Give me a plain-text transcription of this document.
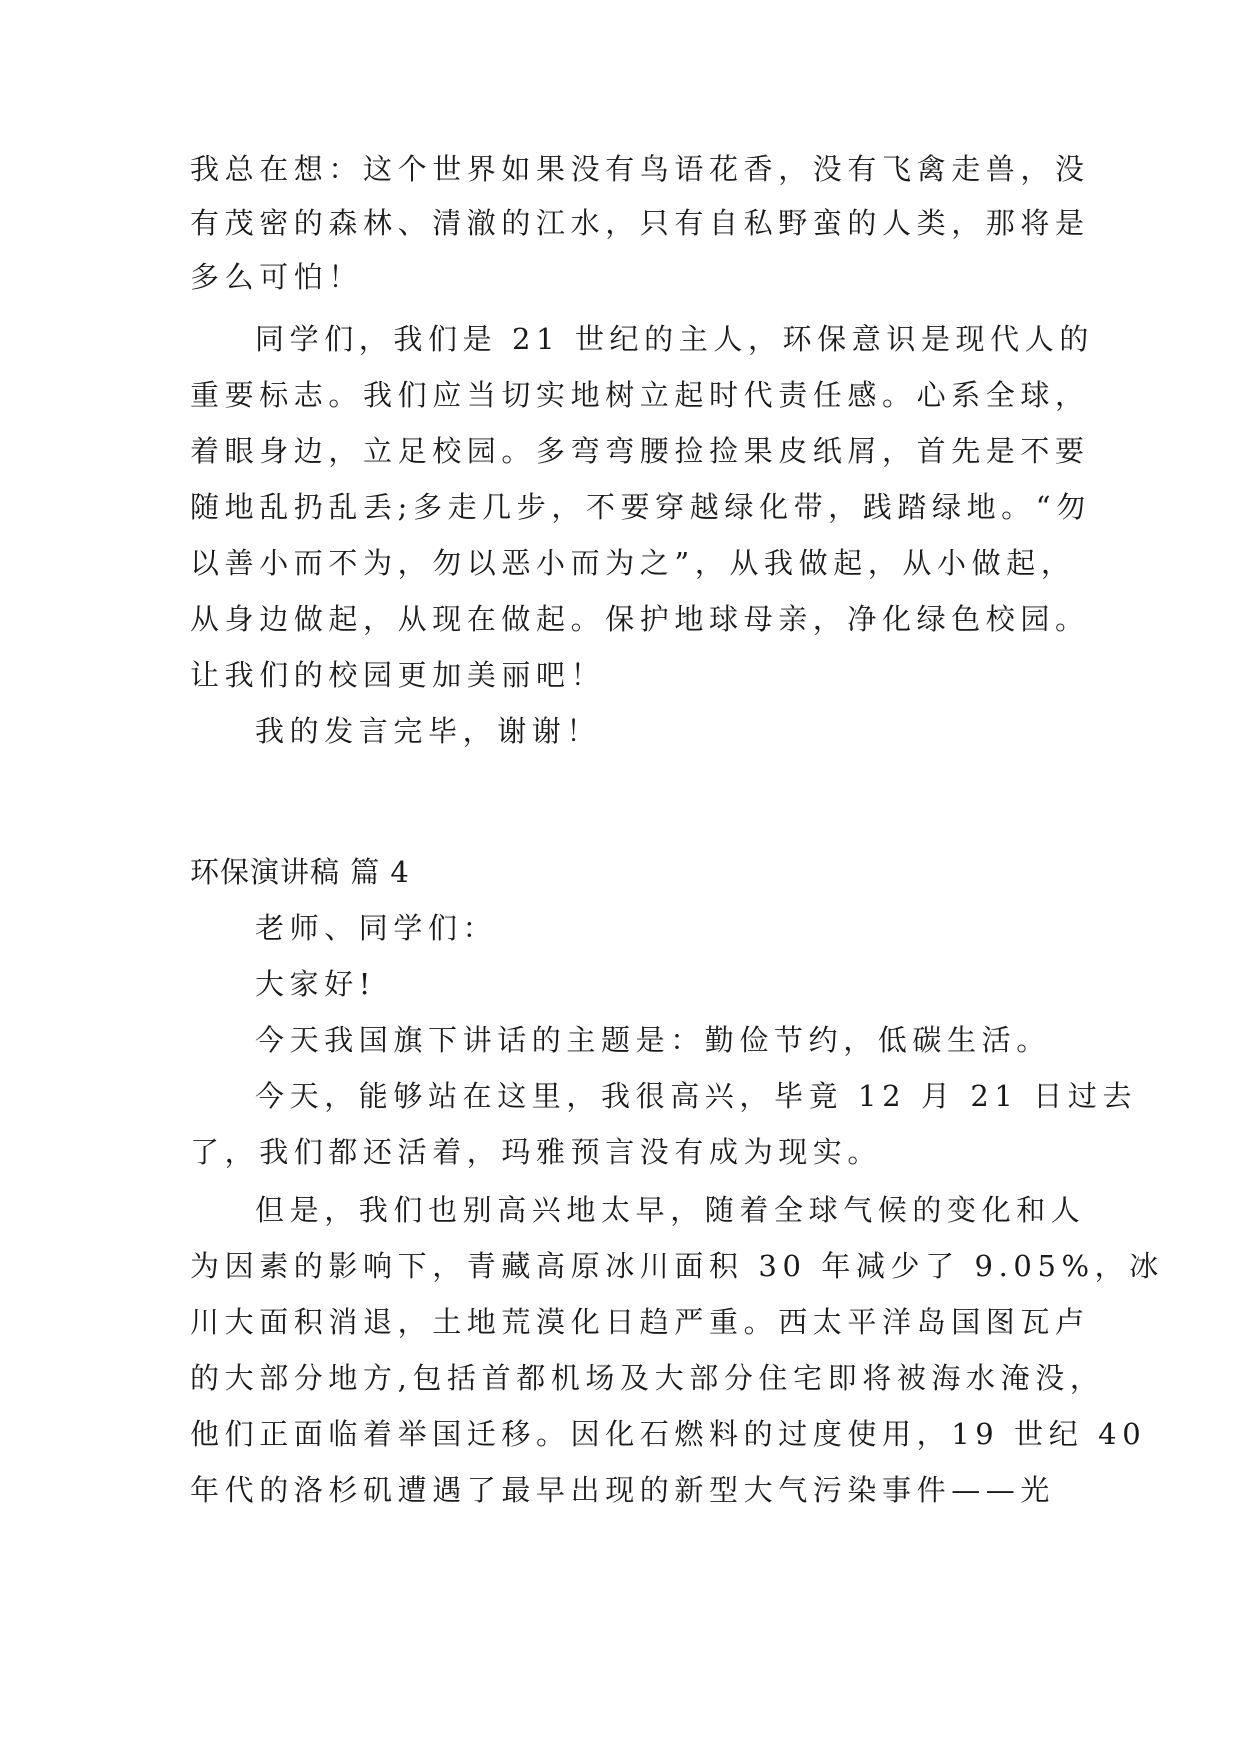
我总在想：这个世界如果没有鸟语花香，没有飞禽走兽，没
有茂密的森林、清澈的江水，只有自私野蛮的人类，那将是
多么可怕！
同学们，我们是 21 世纪的主人，环保意识是现代人的
重要标志。我们应当切实地树立起时代责任感。心系全球，
着眼身边，立足校园。多弯弯腰捡捡果皮纸屑，首先是不要
随地乱扔乱丢;多走几步，不要穿越绿化带，践踏绿地。“勿
以善小而不为，勿以恶小而为之”，从我做起，从小做起，
从身边做起，从现在做起。保护地球母亲，净化绿色校园。
让我们的校园更加美丽吧！
我的发言完毕，谢谢！
环保演讲稿 篇 4
老师、同学们：
大家好!
今天我国旗下讲话的主题是：勤俭节约，低碳生活。
今天，能够站在这里，我很高兴，毕竟 12 月 21 日过去
了，我们都还活着，玛雅预言没有成为现实。
但是，我们也别高兴地太早，随着全球气候的变化和人
为因素的影响下，青藏高原冰川面积 30 年减少了 9.05%，冰
川大面积消退，土地荒漠化日趋严重。西太平洋岛国图瓦卢
的大部分地方,包括首都机场及大部分住宅即将被海水淹没，
他们正面临着举国迁移。因化石燃料的过度使用，19 世纪 40
年代的洛杉矶遭遇了最早出现的新型大气污染事件——光
